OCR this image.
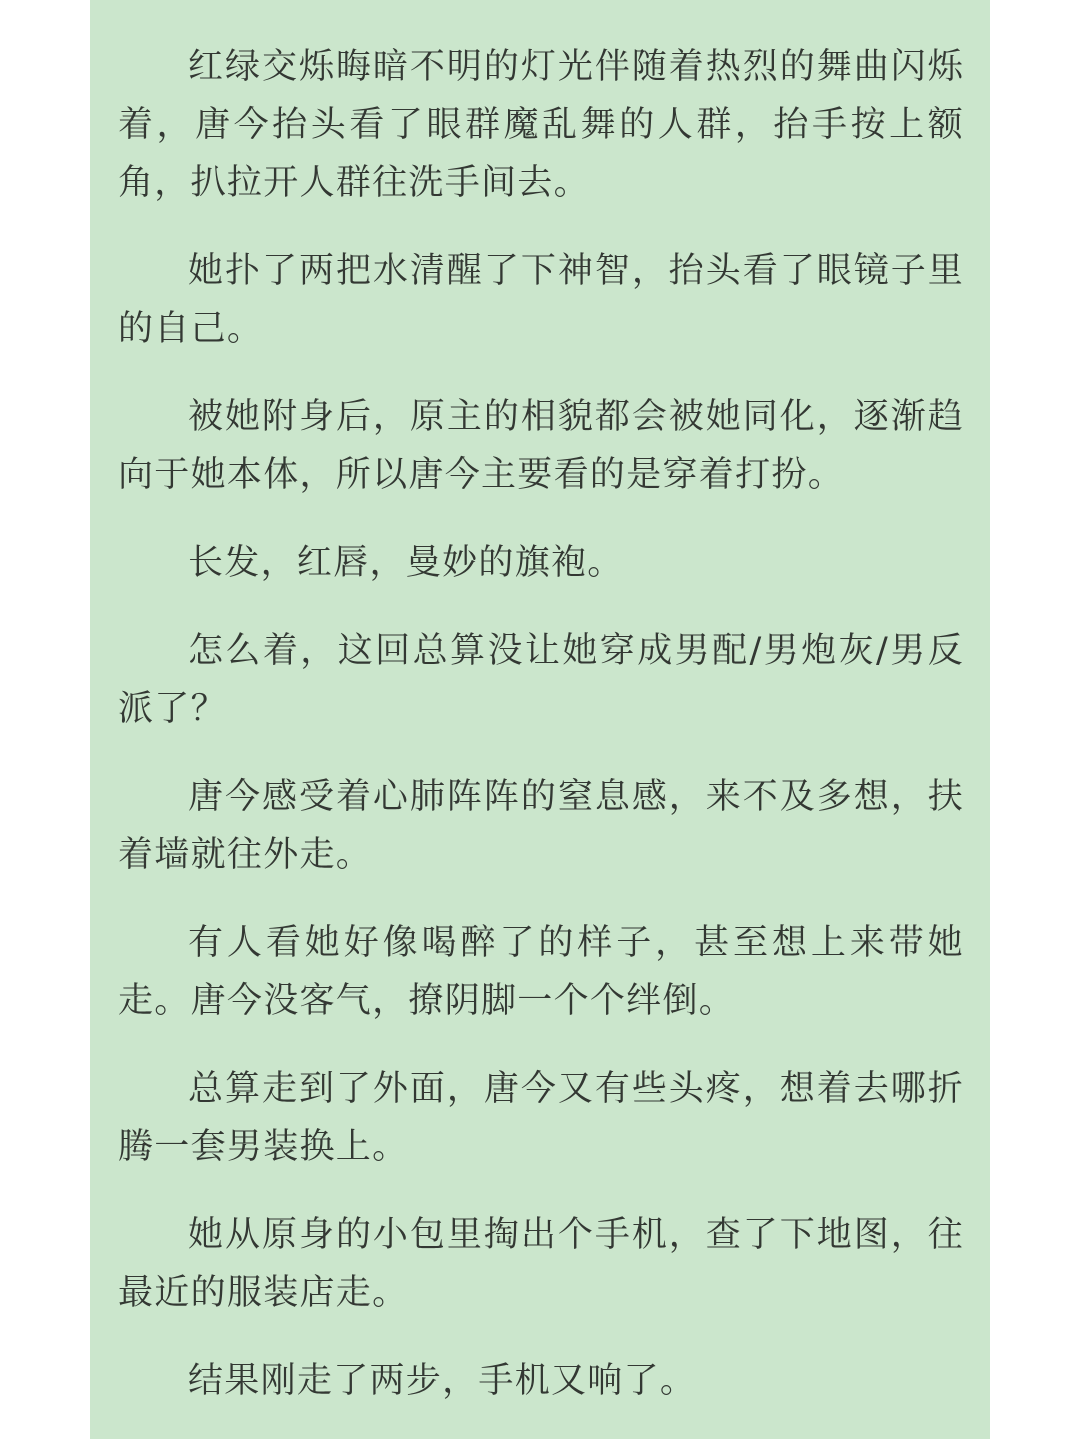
红绿交烁晦暗不明的灯光伴随着热烈的舞曲闪烁着，唐今抬头看了眼群魔乱舞的人群，抬手按上额角，扒拉开人群往洗手间去。

她扑了两把水清醒了下神智，抬头看了眼镜子里的自己。

被她附身后，原主的相貌都会被她同化，逐渐趋向于她本体，所以唐今主要看的是穿着打扮。

长发，红唇，曼妙的旗袍。

怎么着，这回总算没让她穿成男配/男炮灰/男反派了？

唐今感受着心肺阵阵的窒息感，来不及多想，扶着墙就往外走。

有人看她好像喝醉了的样子，甚至想上来带她走。唐今没客气，撩阴脚一个个绊倒。

总算走到了外面，唐今又有些头疼，想着去哪折腾一套男装换上。

她从原身的小包里掏出个手机，查了下地图，往最近的服装店走。

结果刚走了两步，手机又响了。
